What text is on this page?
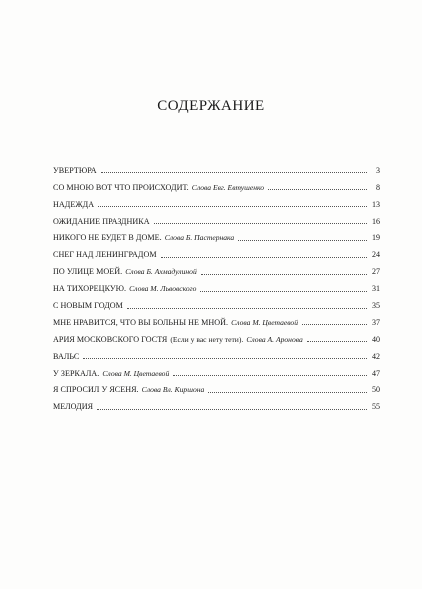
СОДЕРЖАНИЕ
УВЕРТЮРА	3
СО МНОЮ ВОТ ЧТО ПРОИСХОДИТ. Слова Евг. Евтушенко	8
НАДЕЖДА	13
ОЖИДАНИЕ ПРАЗДНИКА	16
НИКОГО НЕ БУДЕТ В ДОМЕ. Слова Б. Пастернака	19
СНЕГ НАД ЛЕНИНГРАДОМ	24
ПО УЛИЦЕ МОЕЙ. Слова Б. Ахмадулиной	27
НА ТИХОРЕЦКУЮ. Слова М. Львовского	31
С НОВЫМ ГОДОМ	35
МНЕ НРАВИТСЯ, ЧТО ВЫ БОЛЬНЫ НЕ МНОЙ. Слова М. Цветаевой	37
АРИЯ МОСКОВСКОГО ГОСТЯ (Если у вас нету тети). Слова А. Аронова	40
ВАЛЬС	42
У ЗЕРКАЛА. Слова М. Цветаевой	47
Я СПРОСИЛ У ЯСЕНЯ. Слова Вл. Киршона	50
МЕЛОДИЯ	55
